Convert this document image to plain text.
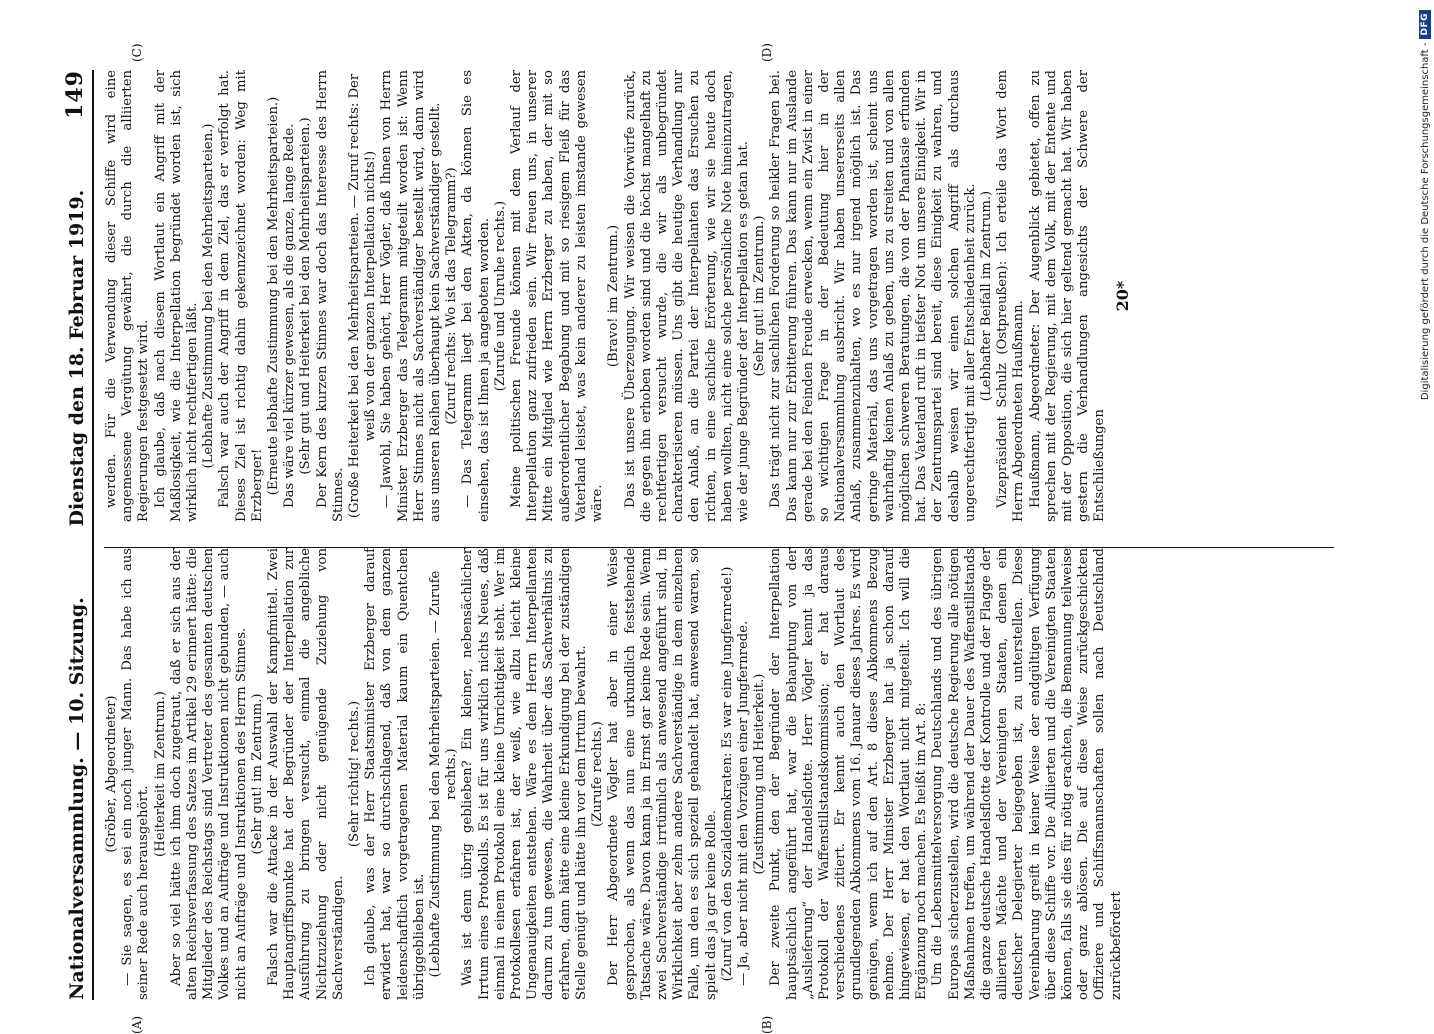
Nationalversammlung. — 10. Sitzung.
Dienstag den 18. Februar 1919.
149
(A)	(B)
(C)	(D)

(Gröber, Abgeordneter) — Sie sagen, es sei ein noch junger Mann. Das habe ich aus seiner Rede auch herausgehört.

(Heiterkeit im Zentrum.) Aber so viel hätte ich ihm doch zugetraut, daß er sich aus der alten Reichsverfassung des Satzes im Artikel 29 erinnert hätte: die Mitglieder des Reichstags sind Vertreter des gesamten deutschen Volkes und an Aufträge und Instruktionen nicht gebunden, — auch nicht an Aufträge und Instruktionen des Herrn Stinnes. (Sehr gut! im Zentrum.) Falsch war die Attacke in der Auswahl der Kampfmittel. Zwei Hauptangriffspunkte hat der Begründer der Interpellation zur Ausführung zu bringen versucht, einmal die angebliche Nichtzuziehung oder nicht genügende Zuziehung von Sachverständigen.

(Sehr richtig! rechts.) Ich glaube, was der Herr Staatsminister Erzberger darauf erwidert hat, war so durchschlagend, daß von dem ganzen leidenschaftlich vorgetragenen Material kaum ein Quentchen übriggeblieben ist. (Lebhafte Zustimmung bei den Mehrheitsparteien. — Zurufe rechts.) Was ist denn übrig geblieben? Ein kleiner, nebensächlicher Irrtum eines Protokolls. Es ist für uns wirklich nichts Neues, daß einmal in einem Protokoll eine kleine Unrichtigkeit steht. Wer im Protokollesen erfahren ist, der weiß, wie allzu leicht kleine Ungenauigkeiten entstehen. Wäre es dem Herrn Interpellanten darum zu tun gewesen, die Wahrheit über das Sachverhältnis zu erfahren, dann hätte eine kleine Erkundigung bei der zuständigen Stelle genügt und hätte ihn vor dem Irrtum bewahrt. (Zurufe rechts.) Der Herr Abgeordnete Vögler hat aber in einer Weise gesprochen, als wenn das nun eine urkundlich feststehende Tatsache wäre. Davon kann ja im Ernst gar keine Rede sein. Wenn zwei Sachverständige irrtümlich als anwesend angeführt sind, in Wirklichkeit aber zehn andere Sachverständige in dem einzelnen Falle, um den es sich speziell gehandelt hat, anwesend waren, so spielt das ja gar keine Rolle. (Zuruf von den Sozialdemokraten: Es war eine Jungfernrede!) — Ja, aber nicht mit den Vorzügen einer Jungfernrede. (Zustimmung und Heiterkeit.) Der zweite Punkt, den der Begründer der Interpellation hauptsächlich angeführt hat, war die Behauptung von der „Auslieferung“ der Handelsflotte. Herr Vögler kennt ja das Protokoll der Waffenstillstandskommission; er hat daraus verschiedenes zitiert. Er kennt auch den Wortlaut des grundlegenden Abkommens vom 16. Januar dieses Jahres. Es wird genügen, wenn ich auf den Art. 8 dieses Abkommens Bezug nehme. Der Herr Minister Erzberger hat ja schon darauf hingewiesen, er hat den Wortlaut nicht mitgeteilt. Ich will die Ergänzung noch machen. Es heißt im Art. 8: Um die Lebensmittelversorgung Deutschlands und des übrigen Europas sicherzustellen, wird die deutsche Regierung alle nötigen Maßnahmen treffen, um während der Dauer des Waffenstillstands die ganze deutsche Handelsflotte der Kontrolle und der Flagge der alliierten Mächte und der Vereinigten Staaten, denen ein deutscher Delegierter beigegeben ist, zu unterstellen. Diese Vereinbarung greift in keiner Weise der endgültigen Verfügung über diese Schiffe vor. Die Alliierten und die Vereinigten Staaten können, falls sie dies für nötig erachten, die Bemannung teilweise oder ganz ablösen. Die auf diese Weise zurückgeschickten Offiziere und Schiffsmannschaften sollen nach Deutschland zurückbefördert

werden. Für die Verwendung dieser Schiffe wird eine angemessene Vergütung gewährt, die durch die alliierten Regierungen festgesetzt wird. Ich glaube, daß nach diesem Wortlaut ein Angriff mit der Maßlosigkeit, wie die Interpellation begründet worden ist, sich wirklich nicht rechtfertigen läßt. (Lebhafte Zustimmung bei den Mehrheitsparteien.) Falsch war auch der Angriff in dem Ziel, das er verfolgt hat. Dieses Ziel ist richtig dahin gekennzeichnet worden: Weg mit Erzberger! (Erneute lebhafte Zustimmung bei den Mehrheitsparteien.) Das wäre viel kürzer gewesen, als die ganze, lange Rede. (Sehr gut und Heiterkeit bei den Mehrheitsparteien.) Der Kern des kurzen Stinnes war doch das Interesse des Herrn Stinnes. (Große Heiterkeit bei den Mehrheitsparteien. — Zuruf rechts: Der weiß von der ganzen Interpellation nichts!) — Jawohl, Sie haben gehört, Herr Vögler, daß Ihnen von Herrn Minister Erzberger das Telegramm mitgeteilt worden ist: Wenn Herr Stinnes nicht als Sachverständiger bestellt wird, dann wird aus unseren Reihen überhaupt kein Sachverständiger gestellt. (Zuruf rechts: Wo ist das Telegramm?) — Das Telegramm liegt bei den Akten, da können Sie es einsehen, das ist Ihnen ja angeboten worden. (Zurufe und Unruhe rechts.) Meine politischen Freunde können mit dem Verlauf der Interpellation ganz zufrieden sein. Wir freuen uns, in unserer Mitte ein Mitglied wie Herrn Erzberger zu haben, der mit so außerordentlicher Begabung und mit so riesigem Fleiß für das Vaterland leistet, was kein anderer zu leisten imstande gewesen wäre.

(Bravo! im Zentrum.) Das ist unsere Überzeugung. Wir weisen die Vorwürfe zurück, die gegen ihn erhoben worden sind und die höchst mangelhaft zu rechtfertigen versucht wurde, die wir als unbegründet charakterisieren müssen. Uns gibt die heutige Verhandlung nur den Anlaß, an die Partei der Interpellanten das Ersuchen zu richten, in eine sachliche Erörterung, wie wir sie heute doch haben wollten, nicht eine solche persönliche Note hineinzutragen, wie der junge Begründer der Interpellation es getan hat. (Sehr gut! im Zentrum.) Das trägt nicht zur sachlichen Forderung so heikler Fragen bei. Das kann nur zur Erbitterung führen. Das kann nur im Auslande gerade bei den Feinden Freude erwecken, wenn ein Zwist in einer so wichtigen Frage in der Bedeutung hier in der Nationalversammlung ausbricht. Wir haben unsererseits allen Anlaß, zusammenzuhalten, wo es nur irgend möglich ist. Das geringe Material, das uns vorgetragen worden ist, scheint uns wahrhaftig keinen Anlaß zu geben, uns zu streiten und von allen möglichen schweren Beratungen, die von der Phantasie erfunden hat. Das Vaterland ruft in tiefster Not um unsere Einigkeit. Wir in der Zentrumspartei sind bereit, diese Einigkeit zu wahren, und deshalb weisen wir einen solchen Angriff als durchaus ungerechtfertigt mit aller Entschiedenheit zurück. (Lebhafter Beifall im Zentrum.) Vizepräsident Schulz (Ostpreußen): Ich erteile das Wort dem Herrn Abgeordneten Haußmann. Haußmann, Abgeordneter: Der Augenblick gebietet, offen zu sprechen mit der Regierung, mit dem Volk, mit der Entente und mit der Opposition, die sich hier geltend gemacht hat. Wir haben gestern die Verhandlungen angesichts der Schwere der Entschließungen

20*	Digitalisierung gefördert durch die Deutsche Forschungsgemeinschaft -
DFG
